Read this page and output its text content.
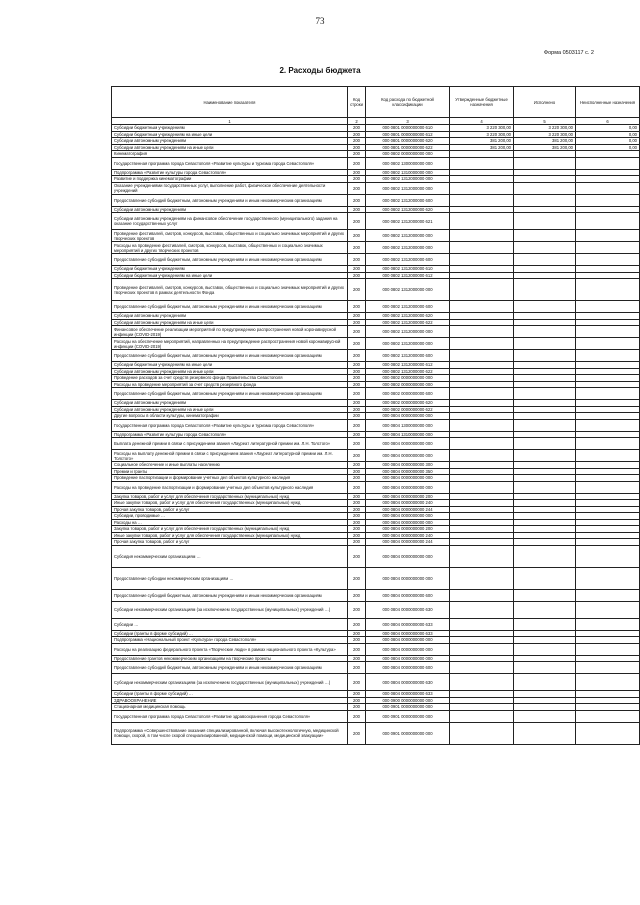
73
Форма 0503117 с. 2
2. Расходы бюджета
Наименование показателя	Код строки	Код расхода по бюджетной классификации	Утвержденные бюджетные назначения	Исполнено	Неисполненные назначения
1	2	3	4	5	6
Субсидии бюджетным учреждениям	200	000 0801 0000000000 610	3 220 300,00	3 220 300,00	0,00
Субсидии бюджетным учреждениям на иные цели	200	000 0801 0000000000 612	3 220 300,00	3 220 300,00	0,00
Субсидии автономным учреждениям	200	000 0801 0000000000 620	381 200,00	381 200,00	0,00
Субсидии автономным учреждениям на иные цели	200	000 0801 0000000000 622	381 200,00	381 200,00	0,00
Кинематография	200	000 0802 0000000000 000			
Государственная программа города Севастополя «Развитие культуры и туризма города Севастополя»	200	000 0802 1300000000 000			
Подпрограмма «Развитие культуры города Севастополя»	200	000 0802 1310000000 000			
Развитие и поддержка кинематографии	200	000 0802 1312000000 000			
Оказание учреждениями государственных услуг, выполнение работ, физическое обеспечение деятельности учреждений	200	000 0802 1312000000 000			
Предоставление субсидий бюджетным, автономным учреждениям и иным некоммерческим организациям	200	000 0802 1312000000 600			
Субсидии автономным учреждениям	200	000 0802 1312000000 620			
Субсидии автономным учреждениям на финансовое обеспечение государственного (муниципального) задания на оказание государственных услуг	200	000 0802 1312000000 621			
Проведение фестивалей, смотров, конкурсов, выставок, общественных и социально значимых мероприятий и других творческих проектов	200	000 0802 1312000000 000			
Расходы на проведение фестивалей, смотров, конкурсов, выставок, общественных и социально значимых мероприятий и других творческих проектов	200	000 0802 1312000000 000			
Предоставление субсидий бюджетным, автономным учреждениям и иным некоммерческим организациям	200	000 0802 1312000000 600			
Субсидии бюджетным учреждениям	200	000 0802 1312000000 610			
Субсидии бюджетным учреждениям на иные цели	200	000 0802 1312000000 612			
Проведение фестивалей, смотров, конкурсов, выставок, общественных и социально значимых мероприятий и других творческих проектов в рамках деятельности Фонда	200	000 0802 1312000000 000			
Предоставление субсидий бюджетным, автономным учреждениям и иным некоммерческим организациям	200	000 0802 1312000000 600			
Субсидии автономным учреждениям	200	000 0802 1312000000 620			
Субсидии автономным учреждениям на иные цели	200	000 0802 1312000000 622			
Финансовое обеспечение реализации мероприятий по предупреждению распространения новой коронавирусной инфекции (COVID-2019)	200	000 0802 1312000000 000			
Расходы на обеспечение мероприятий, направленных на предупреждение распространения новой коронавирусной инфекции (COVID-2019)	200	000 0802 1312000000 000			
Предоставление субсидий бюджетным, автономным учреждениям и иным некоммерческим организациям	200	000 0802 1312000000 600			
Субсидии бюджетным учреждениям на иные цели	200	000 0802 1312000000 612			
Субсидии автономным учреждениям на иные цели	200	000 0802 1312000000 622			
Проведение расходов за счет средств резервного фонда Правительства Севастополя	200	000 0802 0000000000 000			
Расходы на проведение мероприятий за счет средств резервного фонда	200	000 0802 0000000000 000			
Предоставление субсидий бюджетным, автономным учреждениям и иным некоммерческим организациям	200	000 0802 0000000000 600			
Субсидии автономным учреждениям	200	000 0802 0000000000 620			
Субсидии автономным учреждениям на иные цели	200	000 0802 0000000000 622			
Другие вопросы в области культуры, кинематографии	200	000 0804 0000000000 000			
Государственная программа города Севастополя «Развитие культуры и туризма города Севастополя»	200	000 0804 1300000000 000			
Подпрограмма «Развитие культуры города Севастополя»	200	000 0804 1310000000 000			
Выплата денежной премии в связи с присуждением звания «Лауреат литературной премии им. Л.Н. Толстого»	200	000 0804 0000000000 000			
Расходы на выплату денежной премии в связи с присуждением звания «Лауреат литературной премии им. Л.Н. Толстого»	200	000 0804 0000000000 000			
Социальное обеспечение и иные выплаты населению	200	000 0804 0000000000 300			
Премии и гранты	200	000 0804 0000000000 350			
Проведение паспортизации и формирование учетных дел объектов культурного наследия	200	000 0804 0000000000 000			
Расходы на проведение паспортизации и формирование учетных дел объектов культурного наследия	200	000 0804 0000000000 000			
Закупка товаров, работ и услуг для обеспечения государственных (муниципальных) нужд	200	000 0804 0000000000 200			
Иные закупки товаров, работ и услуг для обеспечения государственных (муниципальных) нужд	200	000 0804 0000000000 240			
Прочая закупка товаров, работ и услуг	200	000 0804 0000000000 244			
Субсидии, проводимые …	200	000 0804 0000000000 000			
Расходы на …	200	000 0804 0000000000 000			
Закупка товаров, работ и услуг для обеспечения государственных (муниципальных) нужд	200	000 0804 0000000000 200			
Иные закупки товаров, работ и услуг для обеспечения государственных (муниципальных) нужд	200	000 0804 0000000000 240			
Прочая закупка товаров, работ и услуг	200	000 0804 0000000000 244			
Субсидия некоммерческим организациям …	200	000 0804 0000000000 000			
Предоставление субсидии некоммерческим организациям …	200	000 0804 0000000000 000			
Предоставление субсидий бюджетным, автономным учреждениям и иным некоммерческим организациям	200	000 0804 0000000000 600			
Субсидии некоммерческим организациям (за исключением государственных (муниципальных) учреждений …)	200	000 0804 0000000000 630			
Субсидии …	200	000 0804 0000000000 633			
Субсидии (гранты в форме субсидий) …	200	000 0804 0000000000 633			
Подпрограмма «Национальный проект «Культура» города Севастополя»	200	000 0804 0000000000 000			
Расходы на реализацию федерального проекта «Творческие люди» в рамках национального проекта «Культура»	200	000 0804 0000000000 000			
Предоставление грантов некоммерческим организациям на творческие проекты	200	000 0804 0000000000 000			
Предоставление субсидий бюджетным, автономным учреждениям и иным некоммерческим организациям	200	000 0804 0000000000 600			
Субсидии некоммерческим организациям (за исключением государственных (муниципальных) учреждений …)	200	000 0804 0000000000 630			
Субсидии (гранты в форме субсидий) …	200	000 0804 0000000000 633			
ЗДРАВООХРАНЕНИЕ	200	000 0900 0000000000 000			
Стационарная медицинская помощь	200	000 0901 0000000000 000			
Государственная программа города Севастополя «Развитие здравоохранения города Севастополя»	200	000 0901 0000000000 000			
Подпрограмма «Совершенствование оказания специализированной, включая высокотехнологичную, медицинской помощи, скорой, в том числе скорой специализированной, медицинской помощи, медицинской эвакуации»	200	000 0901 0000000000 000			
